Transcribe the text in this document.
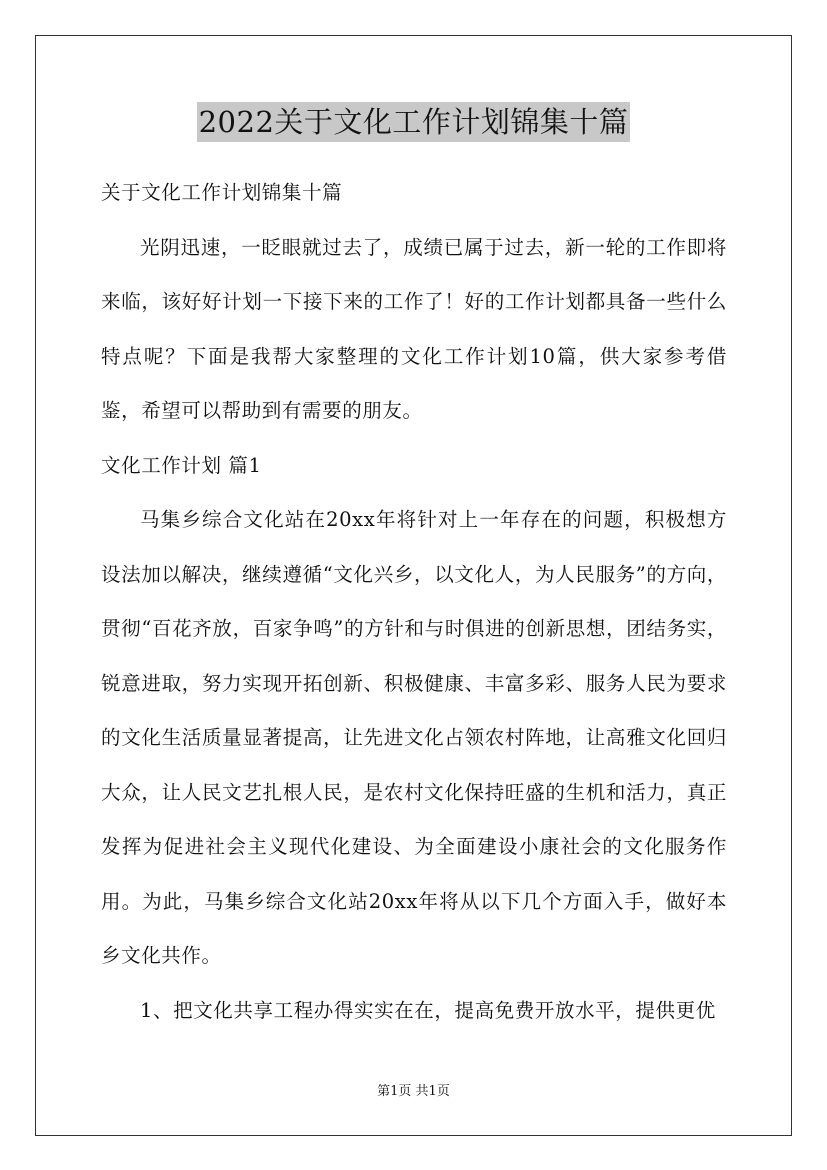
2022关于文化工作计划锦集十篇

关于文化工作计划锦集十篇

光阴迅速，一眨眼就过去了，成绩已属于过去，新一轮的工作即将来临，该好好计划一下接下来的工作了！好的工作计划都具备一些什么特点呢？下面是我帮大家整理的文化工作计划10篇，供大家参考借鉴，希望可以帮助到有需要的朋友。

文化工作计划 篇1

马集乡综合文化站在20xx年将针对上一年存在的问题，积极想方设法加以解决，继续遵循“文化兴乡，以文化人，为人民服务”的方向，贯彻“百花齐放，百家争鸣”的方针和与时俱进的创新思想，团结务实，锐意进取，努力实现开拓创新、积极健康、丰富多彩、服务人民为要求的文化生活质量显著提高，让先进文化占领农村阵地，让高雅文化回归大众，让人民文艺扎根人民，是农村文化保持旺盛的生机和活力，真正发挥为促进社会主义现代化建设、为全面建设小康社会的文化服务作用。为此，马集乡综合文化站20xx年将从以下几个方面入手，做好本乡文化共作。

1、把文化共享工程办得实实在在，提高免费开放水平，提供更优

第1页 共1页
